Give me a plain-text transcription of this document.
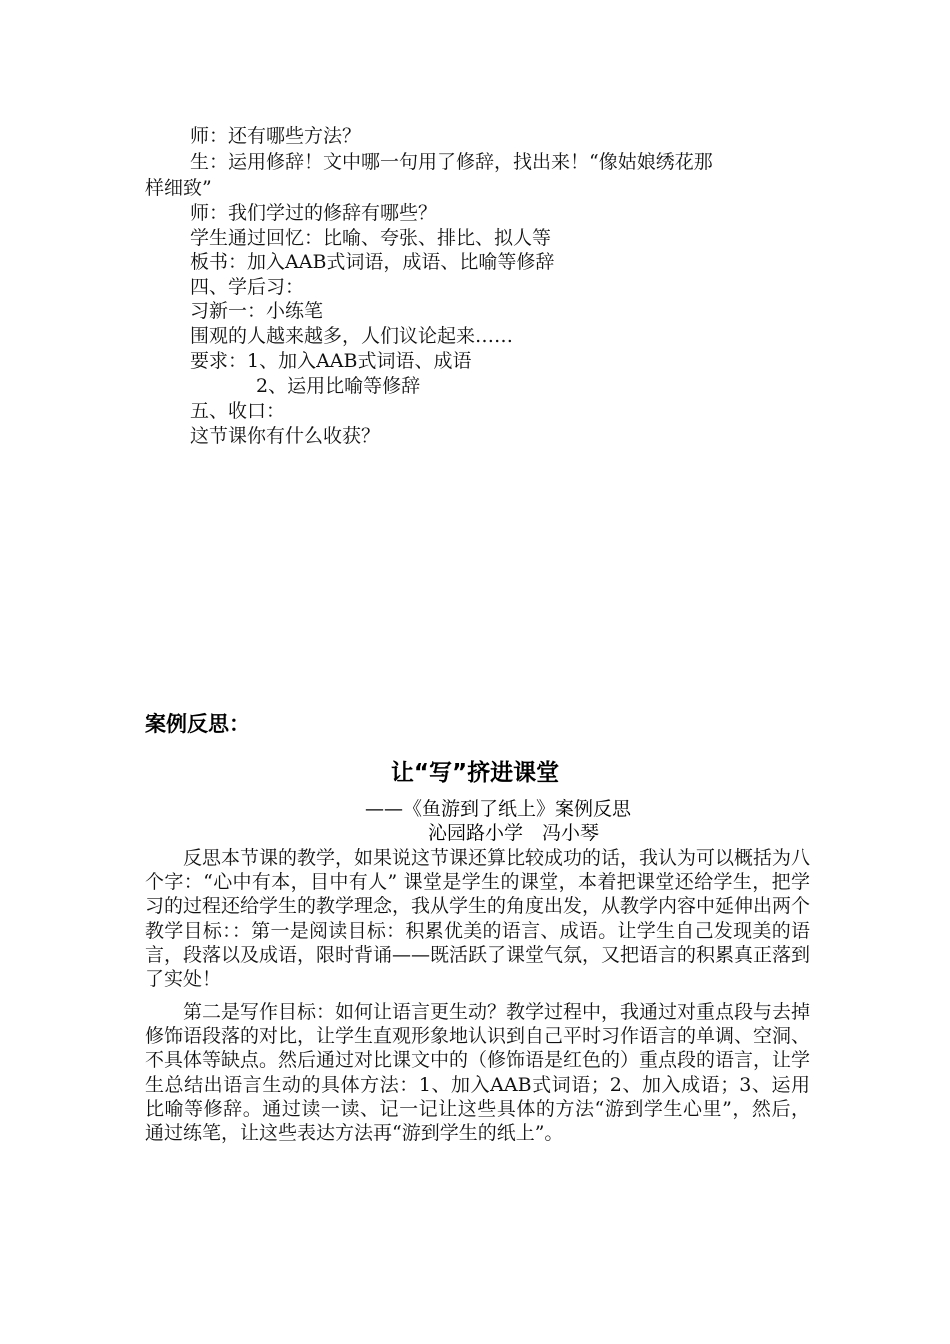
师：还有哪些方法？
生：运用修辞！文中哪一句用了修辞，找出来！“像姑娘绣花那
样细致”
师：我们学过的修辞有哪些？
学生通过回忆：比喻、夸张、排比、拟人等
板书：加入AAB式词语，成语、比喻等修辞
四、学后习：
习新一：小练笔
围观的人越来越多，人们议论起来……
要求：1、加入AAB式词语、成语
2、运用比喻等修辞
五、收口：
这节课你有什么收获？
案例反思：
让“写”挤进课堂
——《鱼游到了纸上》案例反思
沁园路小学　冯小琴
反思本节课的教学，如果说这节课还算比较成功的话，我认为可以概括为八个字：“心中有本，目中有人” 课堂是学生的课堂，本着把课堂还给学生，把学习的过程还给学生的教学理念，我从学生的角度出发，从教学内容中延伸出两个教学目标：：第一是阅读目标：积累优美的语言、成语。让学生自己发现美的语言，段落以及成语，限时背诵——既活跃了课堂气氛，又把语言的积累真正落到了实处！
第二是写作目标：如何让语言更生动？教学过程中，我通过对重点段与去掉修饰语段落的对比，让学生直观形象地认识到自己平时习作语言的单调、空洞、不具体等缺点。然后通过对比课文中的（修饰语是红色的）重点段的语言，让学生总结出语言生动的具体方法：1、加入AAB式词语；2、加入成语；3、运用比喻等修辞。通过读一读、记一记让这些具体的方法“游到学生心里”，然后，通过练笔，让这些表达方法再“游到学生的纸上”。
